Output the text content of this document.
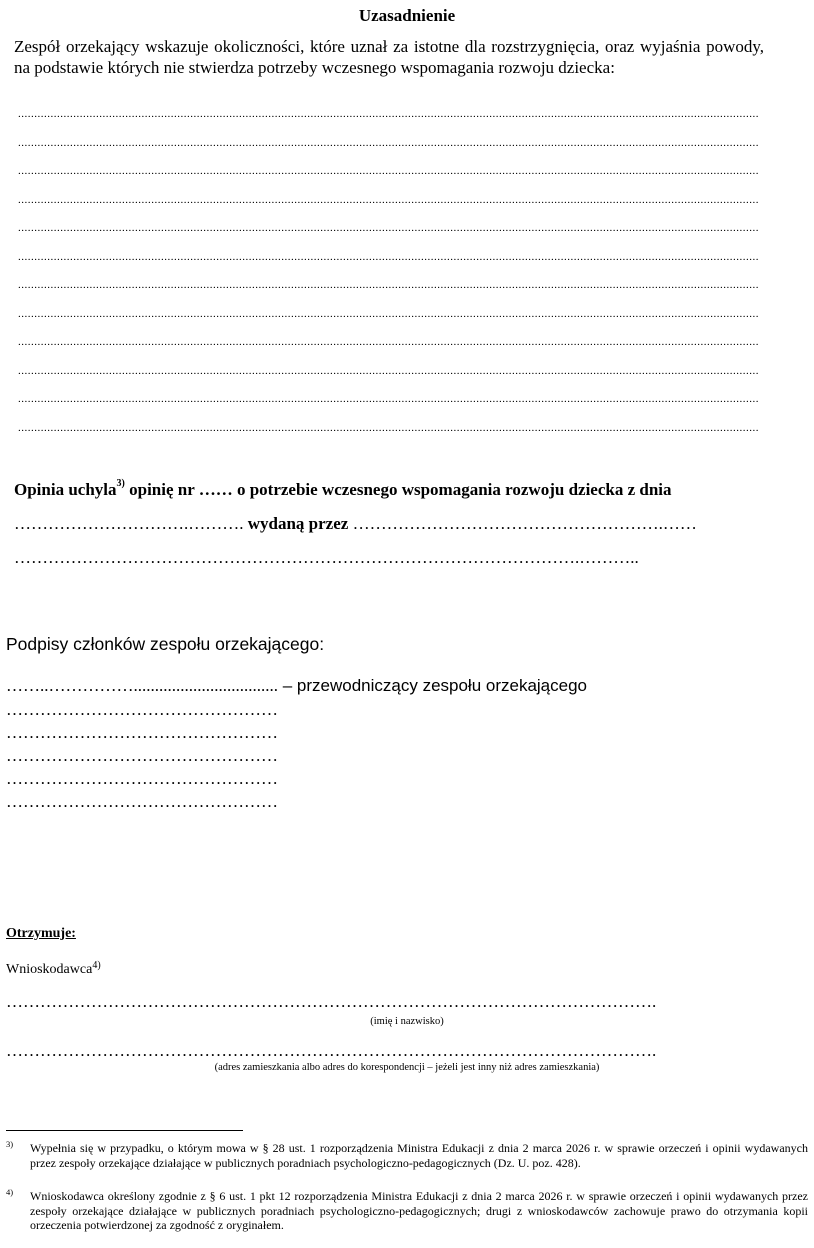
Uzasadnienie
Zespół orzekający wskazuje okoliczności, które uznał za istotne dla rozstrzygnięcia, oraz wyjaśnia powody, na podstawie których nie stwierdza potrzeby wczesnego wspomagania rozwoju dziecka:
.....
.....
.....
.....
.....
.....
.....
.....
.....
.....
.....
.....
Opinia uchyla$^{3)}$ opinię nr …… o potrzebie wczesnego wspomagania rozwoju dziecka z dnia
………………………….………. wydaną przez ……………………………………………….……
……………………………………………………………………………………….………..
Podpisy członków zespołu orzekającego:
……..…………….................................. – przewodniczący zespołu orzekającego
…………………………………………
…………………………………………
…………………………………………
…………………………………………
…………………………………………
Otrzymuje:
Wnioskodawca$^{4)}$
…………………………………………………………………………………………………….
(imię i nazwisko)
…………………………………………………………………………………………………….
(adres zamieszkania albo adres do korespondencji – jeżeli jest inny niż adres zamieszkania)
3) Wypełnia się w przypadku, o którym mowa w § 28 ust. 1 rozporządzenia Ministra Edukacji z dnia 2 marca 2026 r. w sprawie orzeczeń i opinii wydawanych przez zespoły orzekające działające w publicznych poradniach psychologiczno-pedagogicznych (Dz. U. poz. 428).
4) Wnioskodawca określony zgodnie z § 6 ust. 1 pkt 12 rozporządzenia Ministra Edukacji z dnia 2 marca 2026 r. w sprawie orzeczeń i opinii wydawanych przez zespoły orzekające działające w publicznych poradniach psychologiczno-pedagogicznych; drugi z wnioskodawców zachowuje prawo do otrzymania kopii orzeczenia potwierdzonej za zgodność z oryginałem.
